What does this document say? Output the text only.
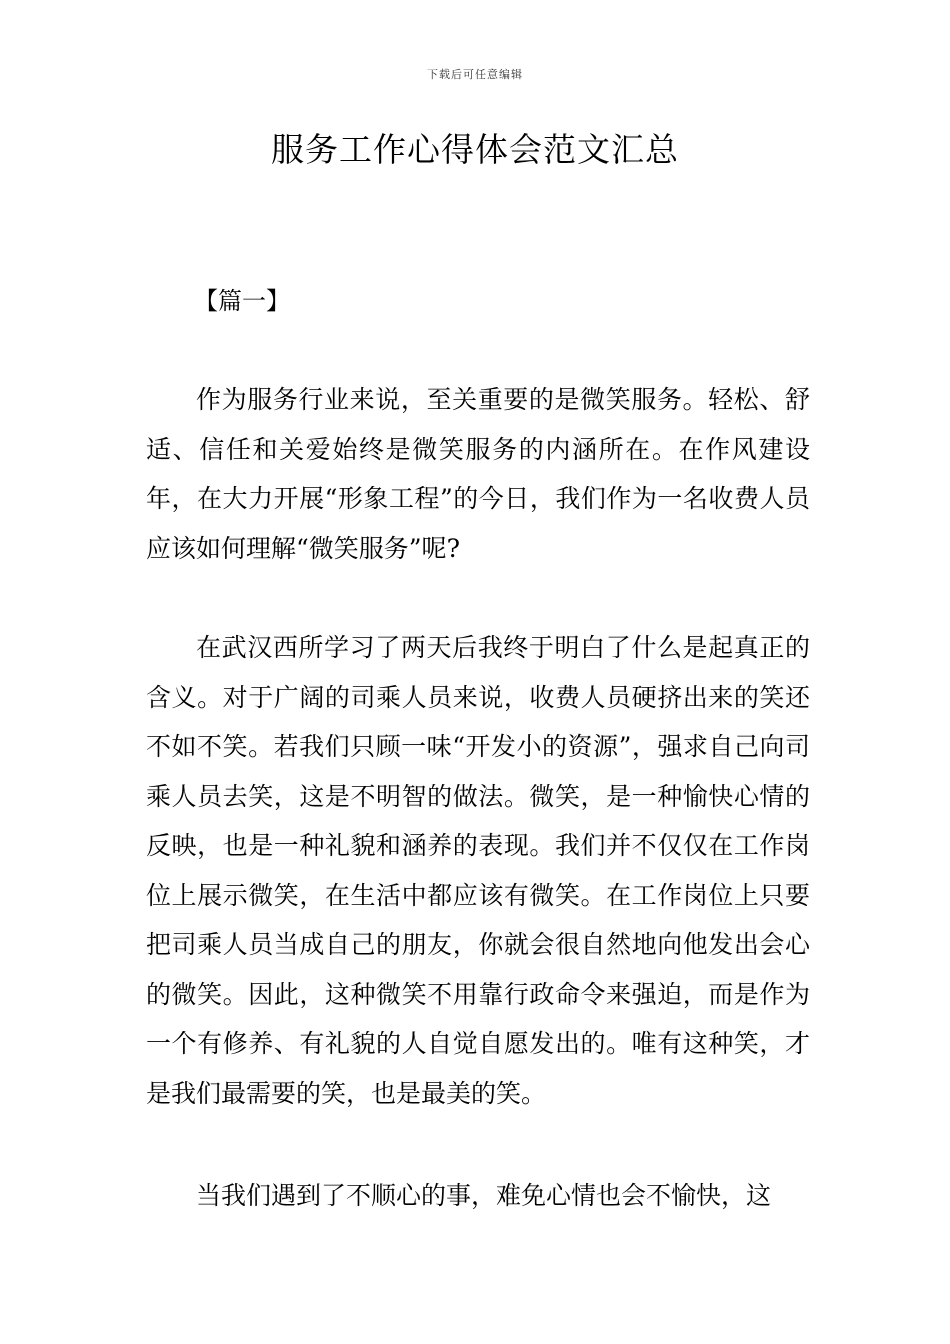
下载后可任意编辑
服务工作心得体会范文汇总
【篇一】

作为服务行业来说，至关重要的是微笑服务。轻松、舒适、信任和关爱始终是微笑服务的内涵所在。在作风建设年，在大力开展“形象工程”的今日，我们作为一名收费人员应该如何理解“微笑服务”呢?

在武汉西所学习了两天后我终于明白了什么是起真正的含义。对于广阔的司乘人员来说，收费人员硬挤出来的笑还不如不笑。若我们只顾一味“开发小的资源”，强求自己向司乘人员去笑，这是不明智的做法。微笑，是一种愉快心情的反映，也是一种礼貌和涵养的表现。我们并不仅仅在工作岗位上展示微笑，在生活中都应该有微笑。在工作岗位上只要把司乘人员当成自己的朋友，你就会很自然地向他发出会心的微笑。因此，这种微笑不用靠行政命令来强迫，而是作为一个有修养、有礼貌的人自觉自愿发出的。唯有这种笑，才是我们最需要的笑，也是最美的笑。

当我们遇到了不顺心的事，难免心情也会不愉快，这
